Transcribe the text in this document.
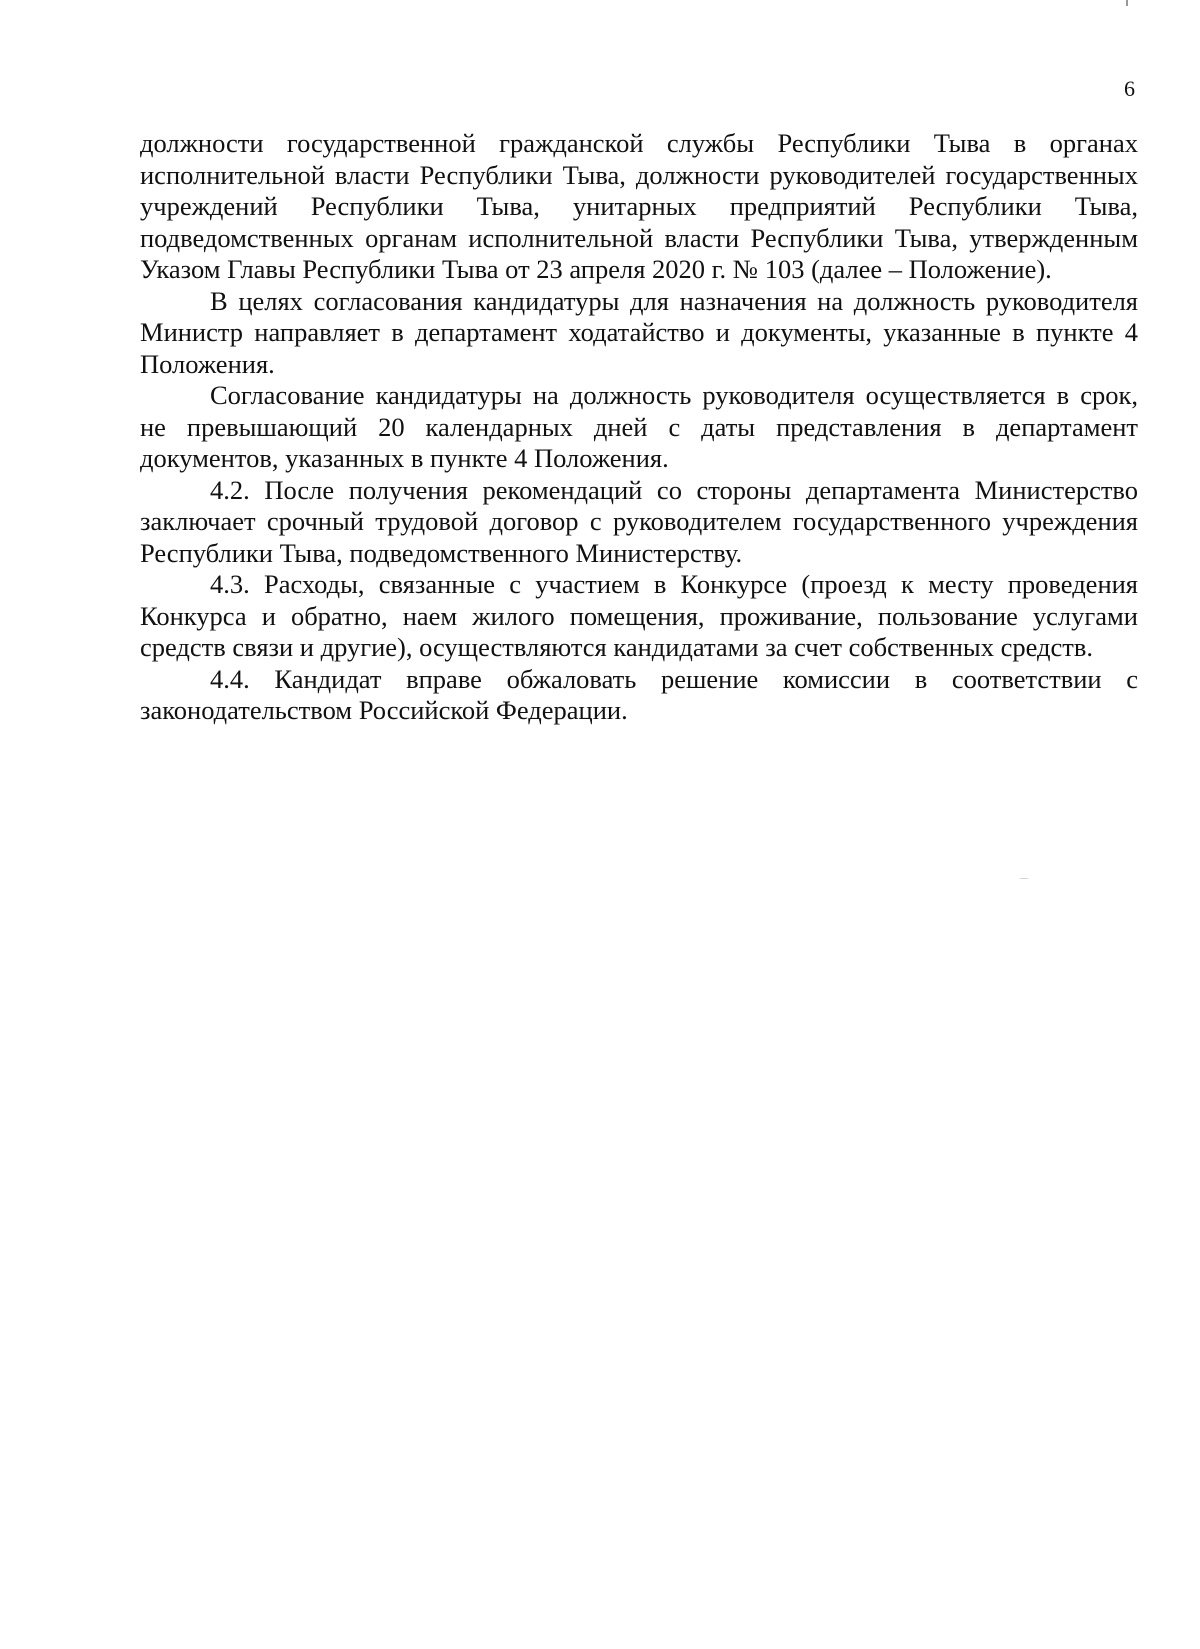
6

должности государственной гражданской службы Республики Тыва в органах исполнительной власти Республики Тыва, должности руководителей государственных учреждений Республики Тыва, унитарных предприятий Республики Тыва, подведомственных органам исполнительной власти Республики Тыва, утвержденным Указом Главы Республики Тыва от 23 апреля 2020 г. № 103 (далее – Положение).

В целях согласования кандидатуры для назначения на должность руководителя Министр направляет в департамент ходатайство и документы, указанные в пункте 4 Положения.

Согласование кандидатуры на должность руководителя осуществляется в срок, не превышающий 20 календарных дней с даты представления в департамент документов, указанных в пункте 4 Положения.

4.2. После получения рекомендаций со стороны департамента Министерство заключает срочный трудовой договор с руководителем государственного учреждения Республики Тыва, подведомственного Министерству.

4.3. Расходы, связанные с участием в Конкурсе (проезд к месту проведения Конкурса и обратно, наем жилого помещения, проживание, пользование услугами средств связи и другие), осуществляются кандидатами за счет собственных средств.

4.4. Кандидат вправе обжаловать решение комиссии в соответствии с законодательством Российской Федерации.
